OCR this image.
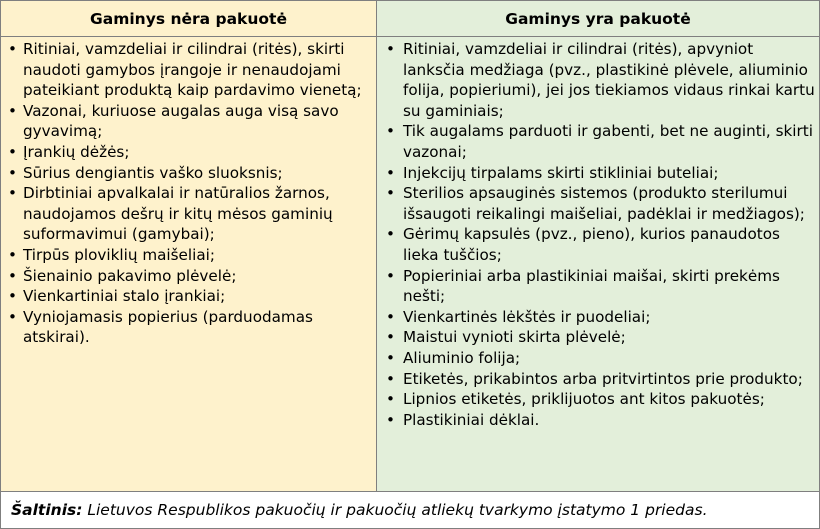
Gaminys nėra pakuotė
• Ritiniai, vamzdeliai ir cilindrai (ritės), skirti naudoti gamybos įrangoje ir nenaudojami pateikiant produktą kaip pardavimo vienetą;
• Vazonai, kuriuose augalas auga visą savo gyvavimą;
• Įrankių dėžės;
• Sūrius dengiantis vaško sluoksnis;
• Dirbtiniai apvalkalai ir natūralios žarnos, naudojamos dešrų ir kitų mėsos gaminių suformavimui (gamybai);
• Tirpūs ploviklių maišeliai;
• Šienainio pakavimo plėvelė;
• Vienkartiniai stalo įrankiai;
• Vyniojamasis popierius (parduodamas atskirai).
Gaminys yra pakuotė
• Ritiniai, vamzdeliai ir cilindrai (ritės), apvyniot lanksčia medžiaga (pvz., plastikinė plėvele, aliuminio folija, popieriumi), jei jos tiekiamos vidaus rinkai kartu su gaminiais;
• Tik augalams parduoti ir gabenti, bet ne auginti, skirti vazonai;
• Injekcijų tirpalams skirti stikliniai buteliai;
• Sterilios apsauginės sistemos (produkto sterilumui išsaugoti reikalingi maišeliai, padėklai ir medžiagos);
• Gėrimų kapsulės (pvz., pieno), kurios panaudotos lieka tuščios;
• Popieriniai arba plastikiniai maišai, skirti prekėms nešti;
• Vienkartinės lėkštės ir puodeliai;
• Maistui vynioti skirta plėvelė;
• Aliuminio folija;
• Etiketės, prikabintos arba pritvirtintos prie produkto;
• Lipnios etiketės, priklijuotos ant kitos pakuotės;
• Plastikiniai dėklai.
Šaltinis: Lietuvos Respublikos pakuočių ir pakuočių atliekų tvarkymo įstatymo 1 priedas.
